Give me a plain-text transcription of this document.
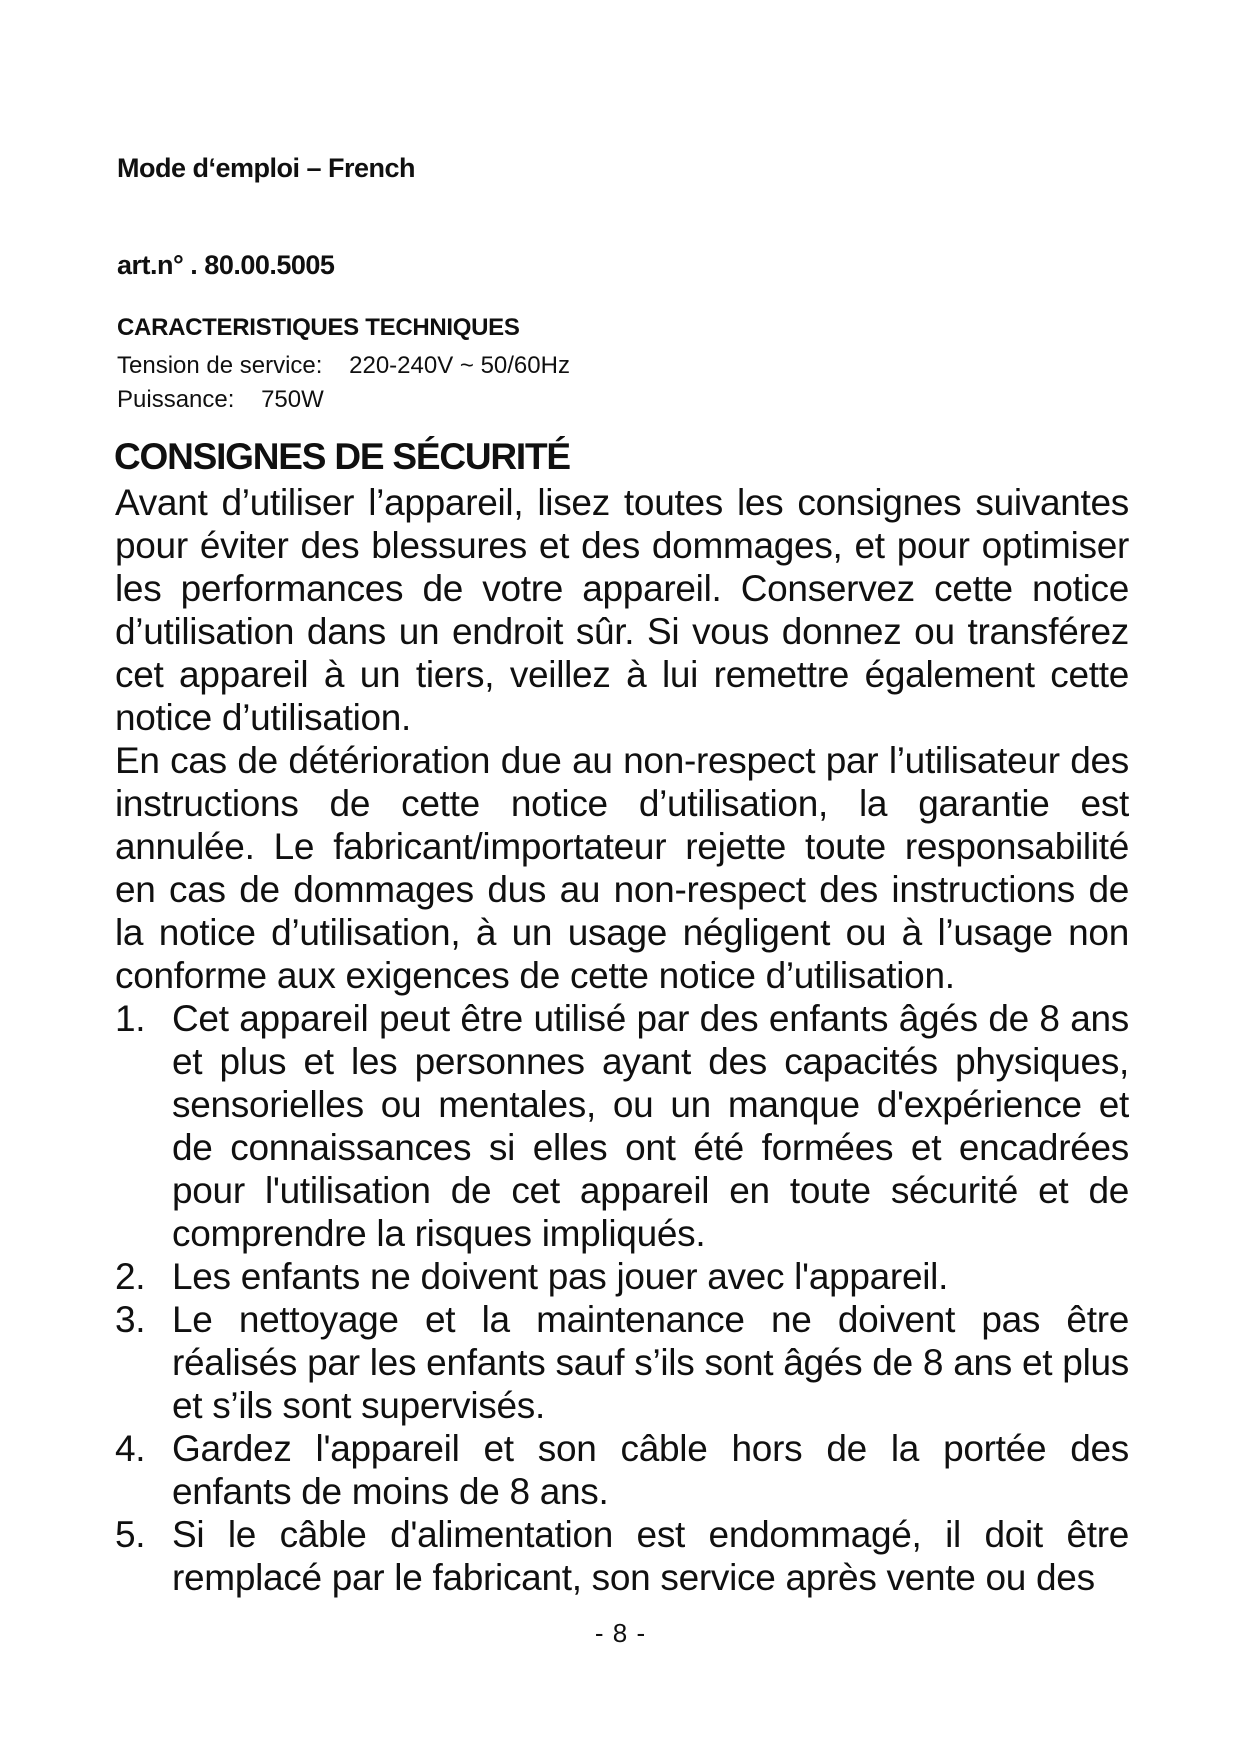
Mode d‘emploi – French
art.n° . 80.00.5005
CARACTERISTIQUES TECHNIQUES
Tension de service: 220-240V ~ 50/60Hz
Puissance: 750W
CONSIGNES DE SÉCURITÉ

Avant d’utiliser l’appareil, lisez toutes les consignes suivantes pour éviter des blessures et des dommages, et pour optimiser les performances de votre appareil. Conservez cette notice d’utilisation dans un endroit sûr. Si vous donnez ou transférez cet appareil à un tiers, veillez à lui remettre également cette notice d’utilisation.

En cas de détérioration due au non-respect par l’utilisateur des instructions de cette notice d’utilisation, la garantie est annulée. Le fabricant/importateur rejette toute responsabilité en cas de dommages dus au non-respect des instructions de la notice d’utilisation, à un usage négligent ou à l’usage non conforme aux exigences de cette notice d’utilisation.

1. Cet appareil peut être utilisé par des enfants âgés de 8 ans et plus et les personnes ayant des capacités physiques, sensorielles ou mentales, ou un manque d'expérience et de connaissances si elles ont été formées et encadrées pour l'utilisation de cet appareil en toute sécurité et de comprendre la risques impliqués.
2. Les enfants ne doivent pas jouer avec l'appareil.
3. Le nettoyage et la maintenance ne doivent pas être réalisés par les enfants sauf s’ils sont âgés de 8 ans et plus et s’ils sont supervisés.
4. Gardez l'appareil et son câble hors de la portée des enfants de moins de 8 ans.
5. Si le câble d'alimentation est endommagé, il doit être remplacé par le fabricant, son service après vente ou des
- 8 -
